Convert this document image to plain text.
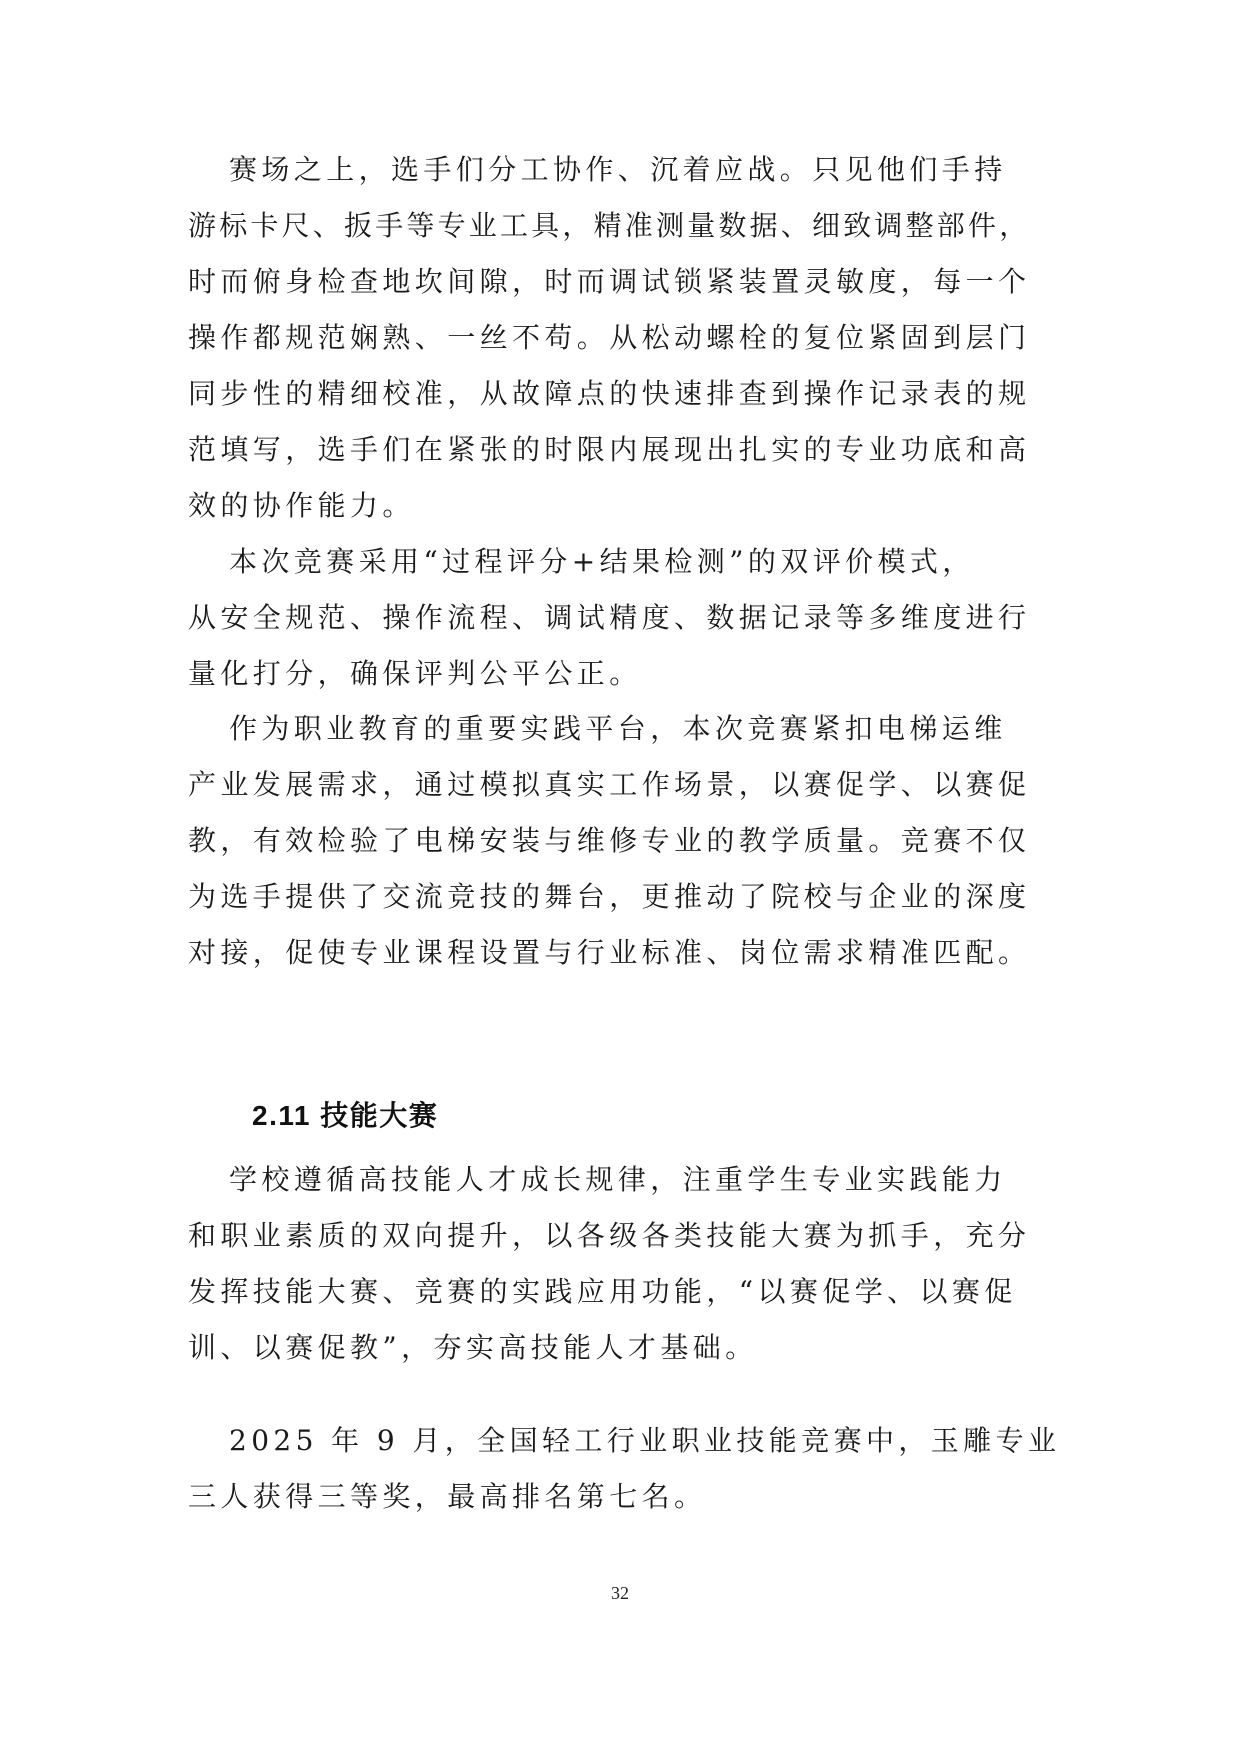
赛场之上，选手们分工协作、沉着应战。只见他们手持
游标卡尺、扳手等专业工具，精准测量数据、细致调整部件，
时而俯身检查地坎间隙，时而调试锁紧装置灵敏度，每一个
操作都规范娴熟、一丝不苟。从松动螺栓的复位紧固到层门
同步性的精细校准，从故障点的快速排查到操作记录表的规
范填写，选手们在紧张的时限内展现出扎实的专业功底和高
效的协作能力。
本次竞赛采用“过程评分+结果检测”的双评价模式，
从安全规范、操作流程、调试精度、数据记录等多维度进行
量化打分，确保评判公平公正。
作为职业教育的重要实践平台，本次竞赛紧扣电梯运维
产业发展需求，通过模拟真实工作场景，以赛促学、以赛促
教，有效检验了电梯安装与维修专业的教学质量。竞赛不仅
为选手提供了交流竞技的舞台，更推动了院校与企业的深度
对接，促使专业课程设置与行业标准、岗位需求精准匹配。
2.11 技能大赛
学校遵循高技能人才成长规律，注重学生专业实践能力
和职业素质的双向提升，以各级各类技能大赛为抓手，充分
发挥技能大赛、竞赛的实践应用功能，“以赛促学、以赛促
训、以赛促教”，夯实高技能人才基础。
2025 年 9 月，全国轻工行业职业技能竞赛中，玉雕专业
三人获得三等奖，最高排名第七名。
32
